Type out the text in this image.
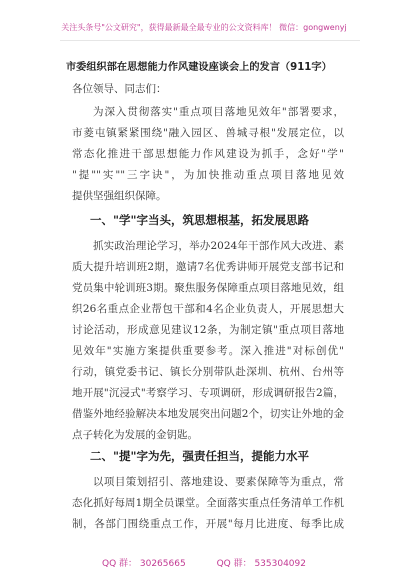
关注头条号"公文研究"，获得最新最全最专业的公文资料库！ 微信：gongwenyj
市委组织部在思想能力作风建设座谈会上的发言（911字）
各位领导、同志们：
为深入贯彻落实"重点项目落地见效年"部署要求，
市菱屯镇紧紧围绕"融入园区、兽城寻根"发展定位，以
常态化推进干部思想能力作风建设为抓手，念好"学"
"提""实""三字诀"，为加快推动重点项目落地见效
提供坚强组织保障。
一、"学"字当头，筑思想根基，拓发展思路
抓实政治理论学习，举办2024年干部作风大改进、素
质大提升培训班2期，邀请7名优秀讲师开展党支部书记和
党员集中轮训班3期。聚焦服务保障重点项目落地见效，组
织26名重点企业帮包干部和4名企业负责人，开展思想大
讨论活动，形成意见建议12条，为制定镇"重点项目落地
见效年"实施方案提供重要参考。深入推进"对标创优"
行动，镇党委书记、镇长分别带队赴深圳、杭州、台州等
地开展"沉浸式"考察学习、专项调研，形成调研报告2篇，
借鉴外地经验解决本地发展突出问题2个，切实让外地的金
点子转化为发展的金钥匙。
二、"提"字为先，强责任担当，提能力水平
以项目策划招引、落地建设、要素保障等为重点，常
态化抓好每周1期全员课堂。全面落实重点任务清单工作机
制，各部门围绕重点工作，开展"每月比进度、每季比成
QQ 群： 30265665	QQ 群： 535304092
